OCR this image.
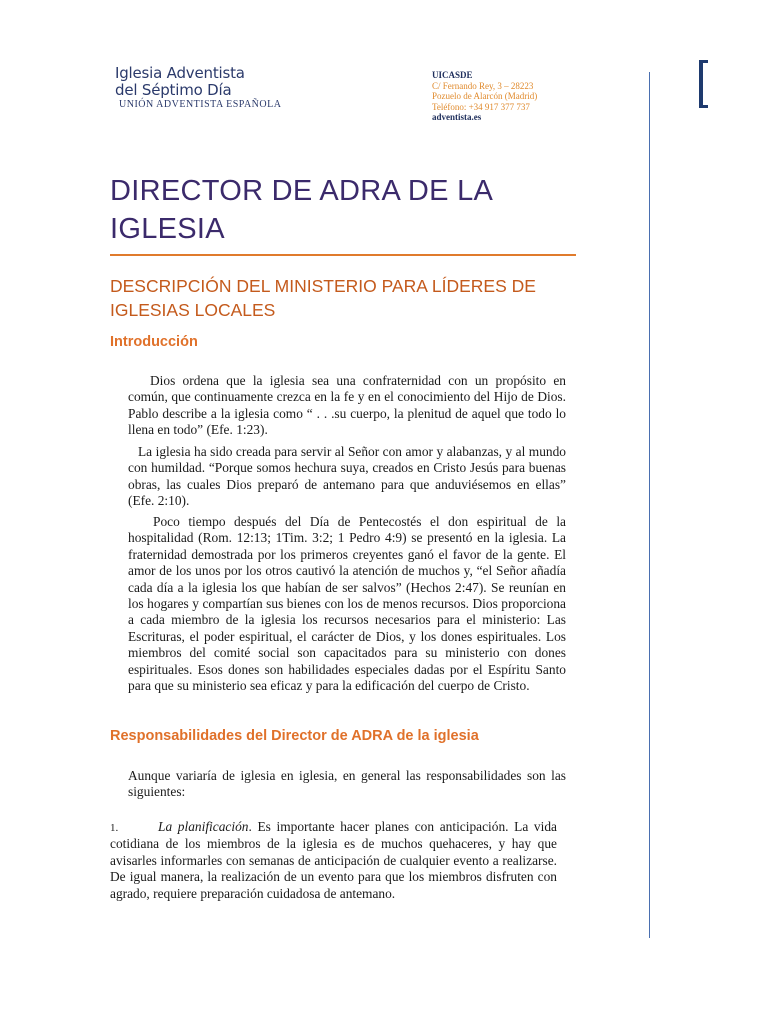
Iglesia Adventista
del Séptimo Día
UNIÓN ADVENTISTA ESPAÑOLA
UICASDE
C/ Fernando Rey, 3 – 28223
Pozuelo de Alarcón (Madrid)
Teléfono: +34 917 377 737
adventista.es
DIRECTOR DE ADRA DE LA IGLESIA
DESCRIPCIÓN DEL MINISTERIO PARA LÍDERES DE IGLESIAS LOCALES
Introducción

Dios ordena que la iglesia sea una confraternidad con un propósito en común, que continuamente crezca en la fe y en el conocimiento del Hijo de Dios. Pablo describe a la iglesia como “ . . .su cuerpo, la plenitud de aquel que todo lo llena en todo” (Efe. 1:23).

La iglesia ha sido creada para servir al Señor con amor y alabanzas, y al mundo con humildad. “Porque somos hechura suya, creados en Cristo Jesús para buenas obras, las cuales Dios preparó de antemano para que anduviésemos en ellas” (Efe. 2:10).

Poco tiempo después del Día de Pentecostés el don espiritual de la hospitalidad (Rom. 12:13; 1Tim. 3:2; 1 Pedro 4:9) se presentó en la iglesia. La fraternidad demostrada por los primeros creyentes ganó el favor de la gente. El amor de los unos por los otros cautivó la atención de muchos y, “el Señor añadía cada día a la iglesia los que habían de ser salvos” (Hechos 2:47). Se reunían en los hogares y compartían sus bienes con los de menos recursos. Dios proporciona a cada miembro de la iglesia los recursos necesarios para el ministerio: Las Escrituras, el poder espiritual, el carácter de Dios, y los dones espirituales. Los miembros del comité social son capacitados para su ministerio con dones espirituales. Esos dones son habilidades especiales dadas por el Espíritu Santo para que su ministerio sea eficaz y para la edificación del cuerpo de Cristo.

Responsabilidades del Director de ADRA de la iglesia

Aunque variaría de iglesia en iglesia, en general las responsabilidades son las siguientes:

1.	La planificación. Es importante hacer planes con anticipación. La vida cotidiana de los miembros de la iglesia es de muchos quehaceres, y hay que avisarles informarles con semanas de anticipación de cualquier evento a realizarse. De igual manera, la realización de un evento para que los miembros disfruten con agrado, requiere preparación cuidadosa de antemano.
